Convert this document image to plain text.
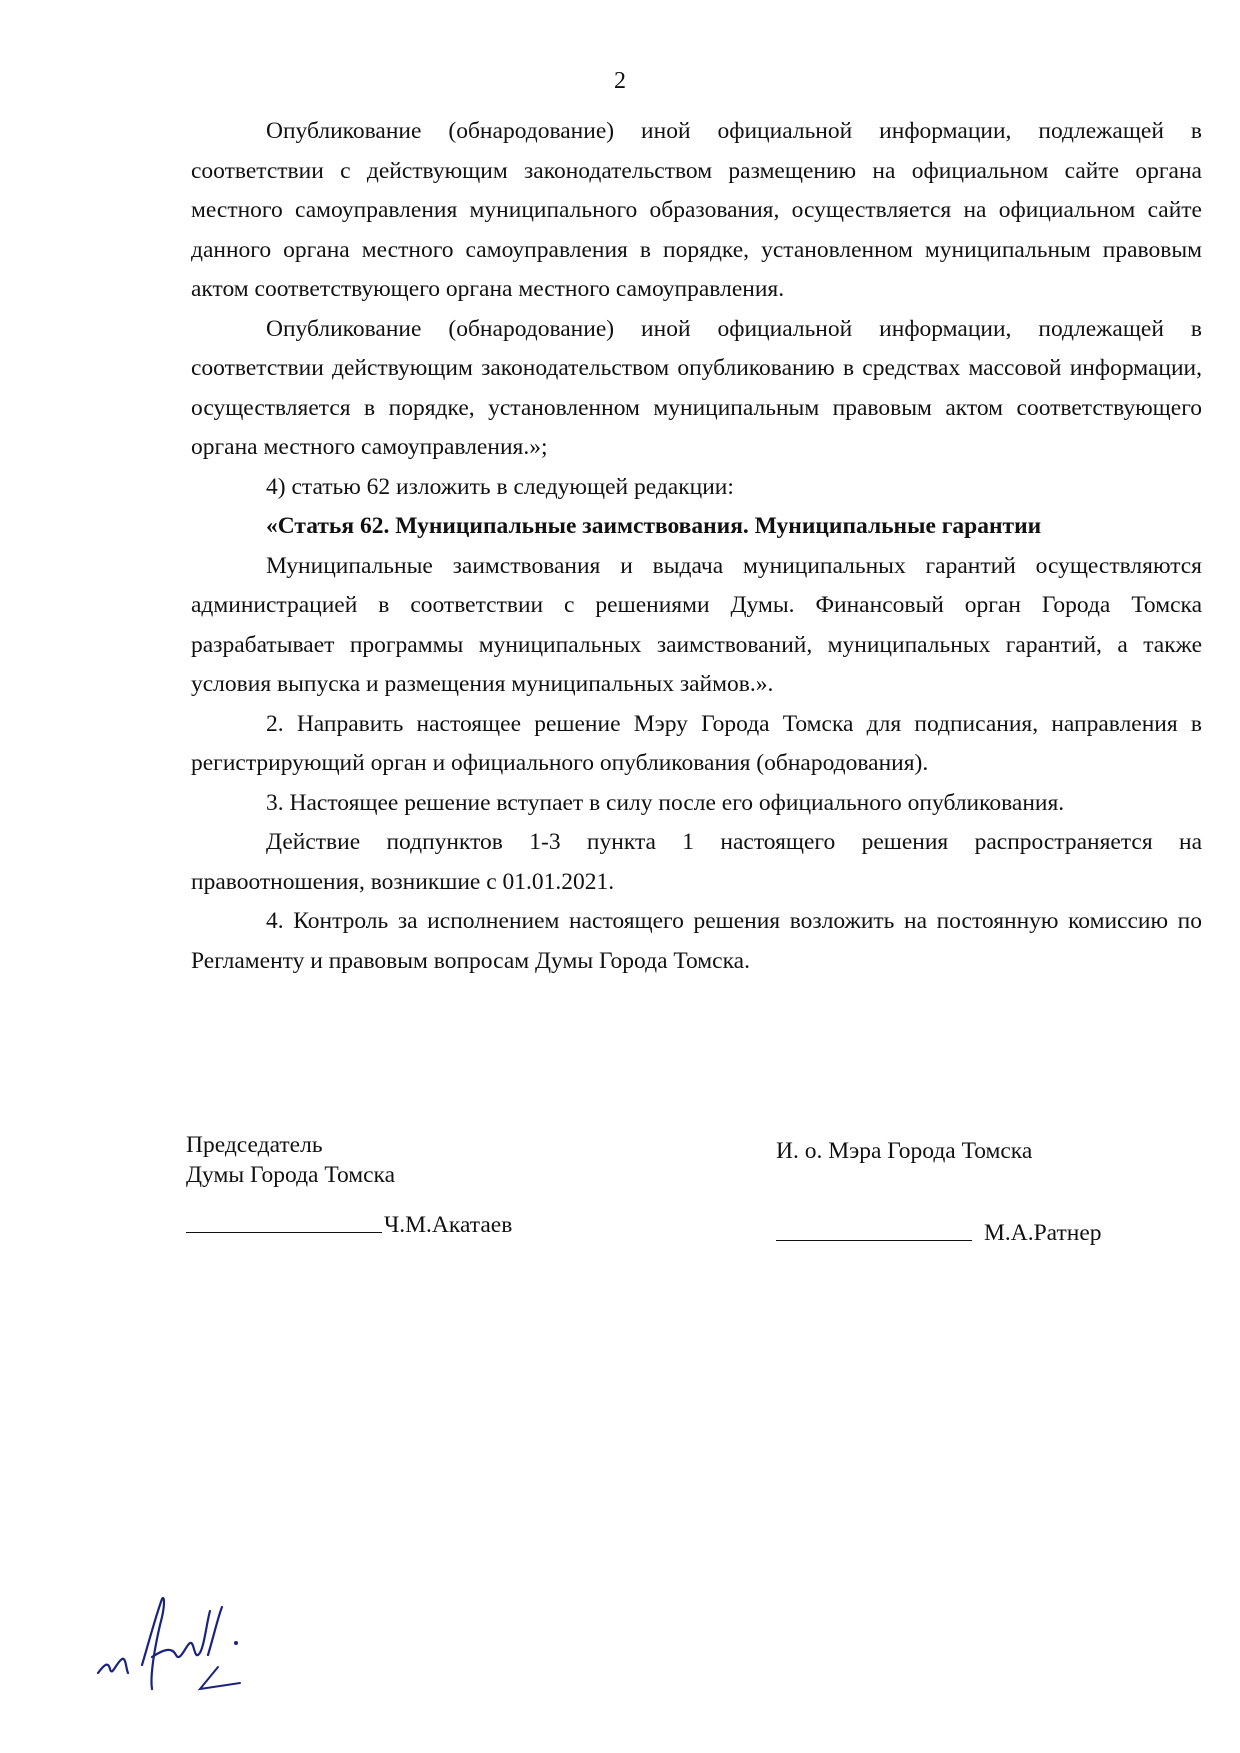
2

Опубликование (обнародование) иной официальной информации, подлежащей в соответствии с действующим законодательством размещению на официальном сайте органа местного самоуправления муниципального образования, осуществляется на официальном сайте данного органа местного самоуправления в порядке, установленном муниципальным правовым актом соответствующего органа местного самоуправления.

Опубликование (обнародование) иной официальной информации, подлежащей в соответствии действующим законодательством опубликованию в средствах массовой информации, осуществляется в порядке, установленном муниципальным правовым актом соответствующего органа местного самоуправления.»;

4) статью 62 изложить в следующей редакции:

«Статья 62. Муниципальные заимствования. Муниципальные гарантии

Муниципальные заимствования и выдача муниципальных гарантий осуществляются администрацией в соответствии с решениями Думы. Финансовый орган Города Томска разрабатывает программы муниципальных заимствований, муниципальных гарантий, а также условия выпуска и размещения муниципальных займов.».

2. Направить настоящее решение Мэру Города Томска для подписания, направления в регистрирующий орган и официального опубликования (обнародования).

3. Настоящее решение вступает в силу после его официального опубликования.

Действие подпунктов 1-3 пункта 1 настоящего решения распространяется на правоотношения, возникшие с 01.01.2021.

4. Контроль за исполнением настоящего решения возложить на постоянную комиссию по Регламенту и правовым вопросам Думы Города Томска.

Председатель
Думы Города Томска
Ч.М.Акатаев
И. о. Мэра Города Томска
М.А.Ратнер
